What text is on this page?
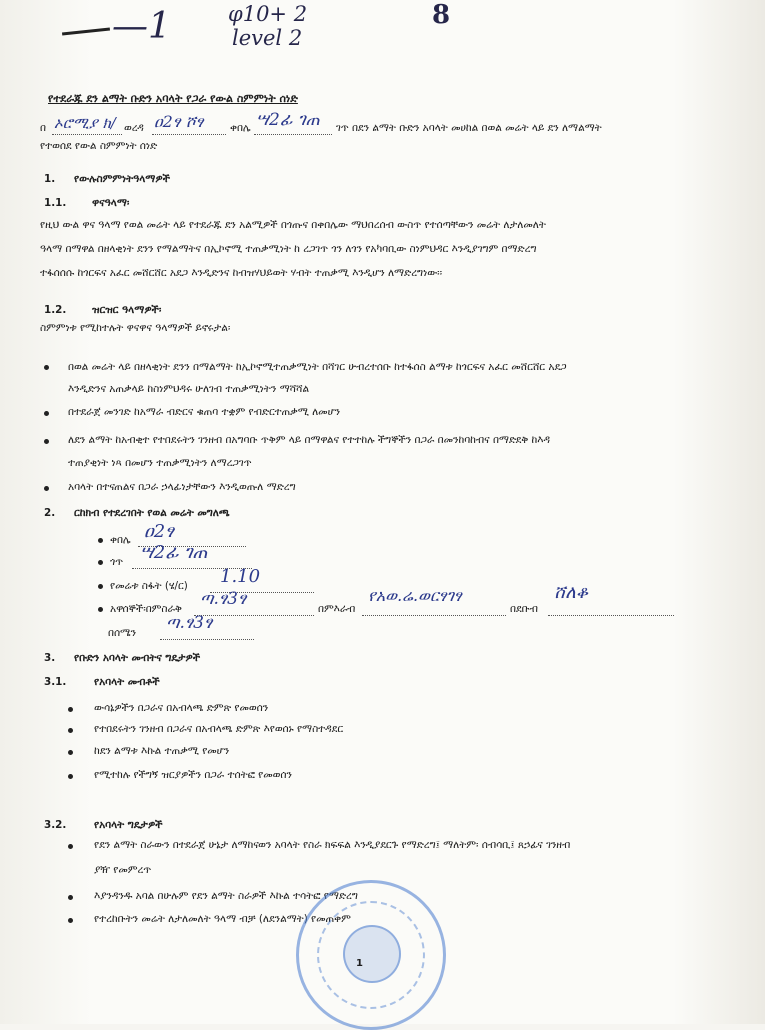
—1	φ10+ 2
level 2
8
የተደራጁ ደን ልማት ቡድን አባላት የጋራ የውል ስምምነት ሰነድ
በ ኦሮሚያ ክ/ ወረዳ ዐ2ፃ ሾፃ	ቀበሌ ሣ2ፊ ገጠ ገጥ በደን ልማት ቡድን አባላት መሀከል በወል መሬት ላይ ደን ለማልማት
የተወሰደ የውል ስምምነት ሰነድ
1. የውሉስምምነትዓላማዎች
1.1. ዋናዓላማ፡
የዚህ ውል ዋና ዓላማ የወል መሬት ላይ የተደራጁ ደን አልሚዎች በጎጡና በቀበሌው ማህበረሰብ ውስጥ የተሰጣቸውን መሬት ለታለመለት
ዓላማ በማዋል በዘላቂነት ደንን የማልማትና በኢኮኖሚ ተጠቃሚነት ከ ረጋገጥ ጎን ለጎን የአካባቢው ስነምህዳር እንዲያገግም በማድረግ
ተፋሰሰሱ ከጎርፍና አፈር መሸርሸር አደጋ እንዲድንና ከብዝሃህይወት ሃብት ተጠቃሚ እንዲሆን ለማድረግነው፡፡
1.2. ዝርዝር ዓላማዎች፡
ስምምነቱ የሚከተሉት ዋናዋና ዓላማዎች ይኖሩታል፡
በወል መሬት ላይ በዘላቂነት ደንን በማልማት ከኢኮኖሚተጠቃሚነት በሻገር ሁብረተሰቡ ከተፋሰስ ልማቱ ከጎርፍና አፈር መሸርሸር አደጋ
እንዲድንና አጠቃላይ ከስነምህዳሩ ሁለገብ ተጠቃሚነትን ማሻሻል
በተደራጀ መንገድ ከአማራ ብድርና ቁጠባ ተቋም የብድርተጠቃሚ ለመሆን
ለደን ልማት ከአብቂተ የተበደሩትን ገንዘብ በአግባቡ ጥቅም ላይ በማዋልና የተተከሉ ችግኞችን በጋራ በመንከባከብና በማድደቅ ከእዳ
ተጠያቂነት ነጻ በመሆን ተጠቃሚነትን ለማረጋገጥ
አባላት በተናጠልና በጋራ ኃላፊነታቸውን እንዲወጡለ ማድረግ
2. ርከክብ የተደረገበት የወል መሬት መግለጫ
ቀበሌ ዐ2ፃ
ጎጥ ሣ2ፊ ገጠ
የመሬቱ ስፋት (ሄ/ር) 1.10
አዋሰኞች፡በምስራቅ ጣ.ፃ3ፃ	በምእራብ
የአወ.ሬ.ወርፃገፃ
በደቡብ
ሸለቆ
በሰሜን ጣ.ፃ3ፃ
3. የቡድን አባላት መብትና ግዴታዎች
3.1.	የአባላት መብቶች
ውሳኔዎችን በጋራና በአብላጫ ድምጽ የመወሰን
የተበደሩትን ገንዘብ በጋራና በአብላጫ ድምጽ እየወሰኑ የማስተዳደር
ከደን ልማቱ እኩል ተጠቃሚ የመሆን
የሚተከሉ የችግኝ ዝርያዎችን በጋራ ተሰትፎ የመወሰን
3.2.	የአባላት ግዴታዎች
የደን ልማት ስራውን በተደራጀ ሁኔታ ለማከናወን አባላት የስራ ክፍፍል እንዲያደርጉ የማድረግ፤ ማለትም፡ ሰብሳቢ፤ ጸኃፊና ገንዘብ
ያዥ የመምረጥ
እያንዳንዱ አባል በሁሉም የደን ልማት ስራዎች እኩል ተሳትፎ የማድረግ
የተረከቡትን መሬት ለታለመለት ዓላማ ብቻ (ለደንልማት) የመጠቀም
1
